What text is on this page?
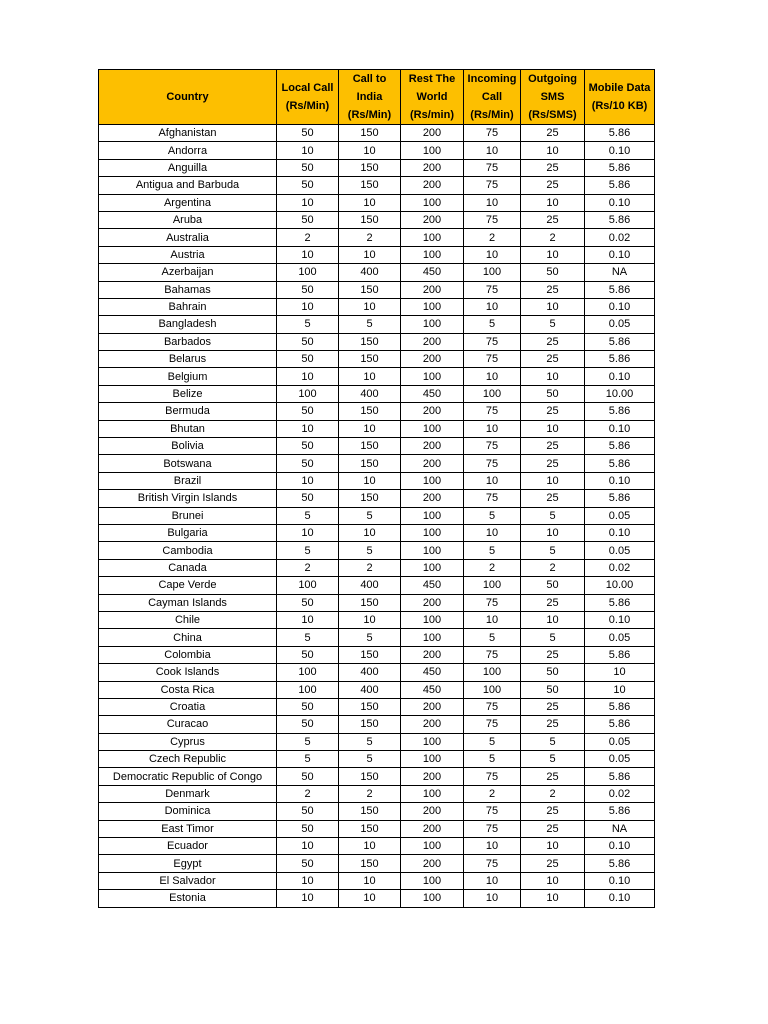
Country	Local Call (Rs/Min)	Call to India (Rs/Min)	Rest The World (Rs/min)	Incoming Call (Rs/Min)	Outgoing SMS (Rs/SMS)	Mobile Data (Rs/10 KB)
Afghanistan	50	150	200	75	25	5.86
Andorra	10	10	100	10	10	0.10
Anguilla	50	150	200	75	25	5.86
Antigua and Barbuda	50	150	200	75	25	5.86
Argentina	10	10	100	10	10	0.10
Aruba	50	150	200	75	25	5.86
Australia	2	2	100	2	2	0.02
Austria	10	10	100	10	10	0.10
Azerbaijan	100	400	450	100	50	NA
Bahamas	50	150	200	75	25	5.86
Bahrain	10	10	100	10	10	0.10
Bangladesh	5	5	100	5	5	0.05
Barbados	50	150	200	75	25	5.86
Belarus	50	150	200	75	25	5.86
Belgium	10	10	100	10	10	0.10
Belize	100	400	450	100	50	10.00
Bermuda	50	150	200	75	25	5.86
Bhutan	10	10	100	10	10	0.10
Bolivia	50	150	200	75	25	5.86
Botswana	50	150	200	75	25	5.86
Brazil	10	10	100	10	10	0.10
British Virgin Islands	50	150	200	75	25	5.86
Brunei	5	5	100	5	5	0.05
Bulgaria	10	10	100	10	10	0.10
Cambodia	5	5	100	5	5	0.05
Canada	2	2	100	2	2	0.02
Cape Verde	100	400	450	100	50	10.00
Cayman Islands	50	150	200	75	25	5.86
Chile	10	10	100	10	10	0.10
China	5	5	100	5	5	0.05
Colombia	50	150	200	75	25	5.86
Cook Islands	100	400	450	100	50	10
Costa Rica	100	400	450	100	50	10
Croatia	50	150	200	75	25	5.86
Curacao	50	150	200	75	25	5.86
Cyprus	5	5	100	5	5	0.05
Czech Republic	5	5	100	5	5	0.05
Democratic Republic of Congo	50	150	200	75	25	5.86
Denmark	2	2	100	2	2	0.02
Dominica	50	150	200	75	25	5.86
East Timor	50	150	200	75	25	NA
Ecuador	10	10	100	10	10	0.10
Egypt	50	150	200	75	25	5.86
El Salvador	10	10	100	10	10	0.10
Estonia	10	10	100	10	10	0.10
